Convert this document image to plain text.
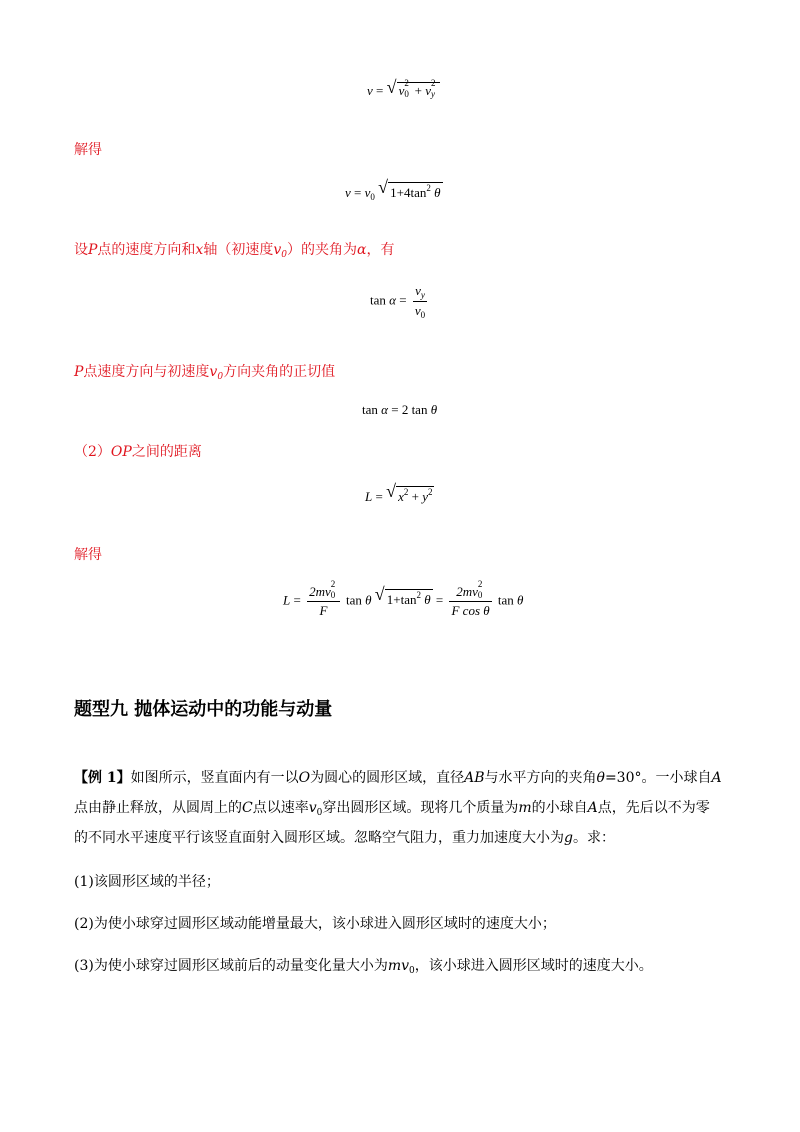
v = √ v 2
0 + v 2
y
解得
$v = v_0$ √ $1+4\tan^2$ θ
设P点的速度方向和x轴（初速度$v_0$）的夹角为α，有
$\tan \alpha = \frac{v_y}{v_0}$
P点速度方向与初速度$v_0$方向夹角的正切值
tan α = 2 tan θ
（2）OP之间的距离
L = √ $x^2 + y^2$
解得
L = 2mv 2
0
F tan θ √ $1+\tan^2$ θ = 2mv 2
0
F cos θ tan θ
题型九 抛体运动中的功能与动量
【例 1】如图所示，竖直面内有一以O为圆心的圆形区域，直径AB与水平方向的夹角θ=30°。一小球自A
点由静止释放，从圆周上的C点以速率$v_0$穿出圆形区域。现将几个质量为m的小球自A点，先后以不为零
的不同水平速度平行该竖直面射入圆形区域。忽略空气阻力，重力加速度大小为g。求：
(1)该圆形区域的半径；
(2)为使小球穿过圆形区域动能增量最大，该小球进入圆形区域时的速度大小；
(3)为使小球穿过圆形区域前后的动量变化量大小为$mv_0$，该小球进入圆形区域时的速度大小。
